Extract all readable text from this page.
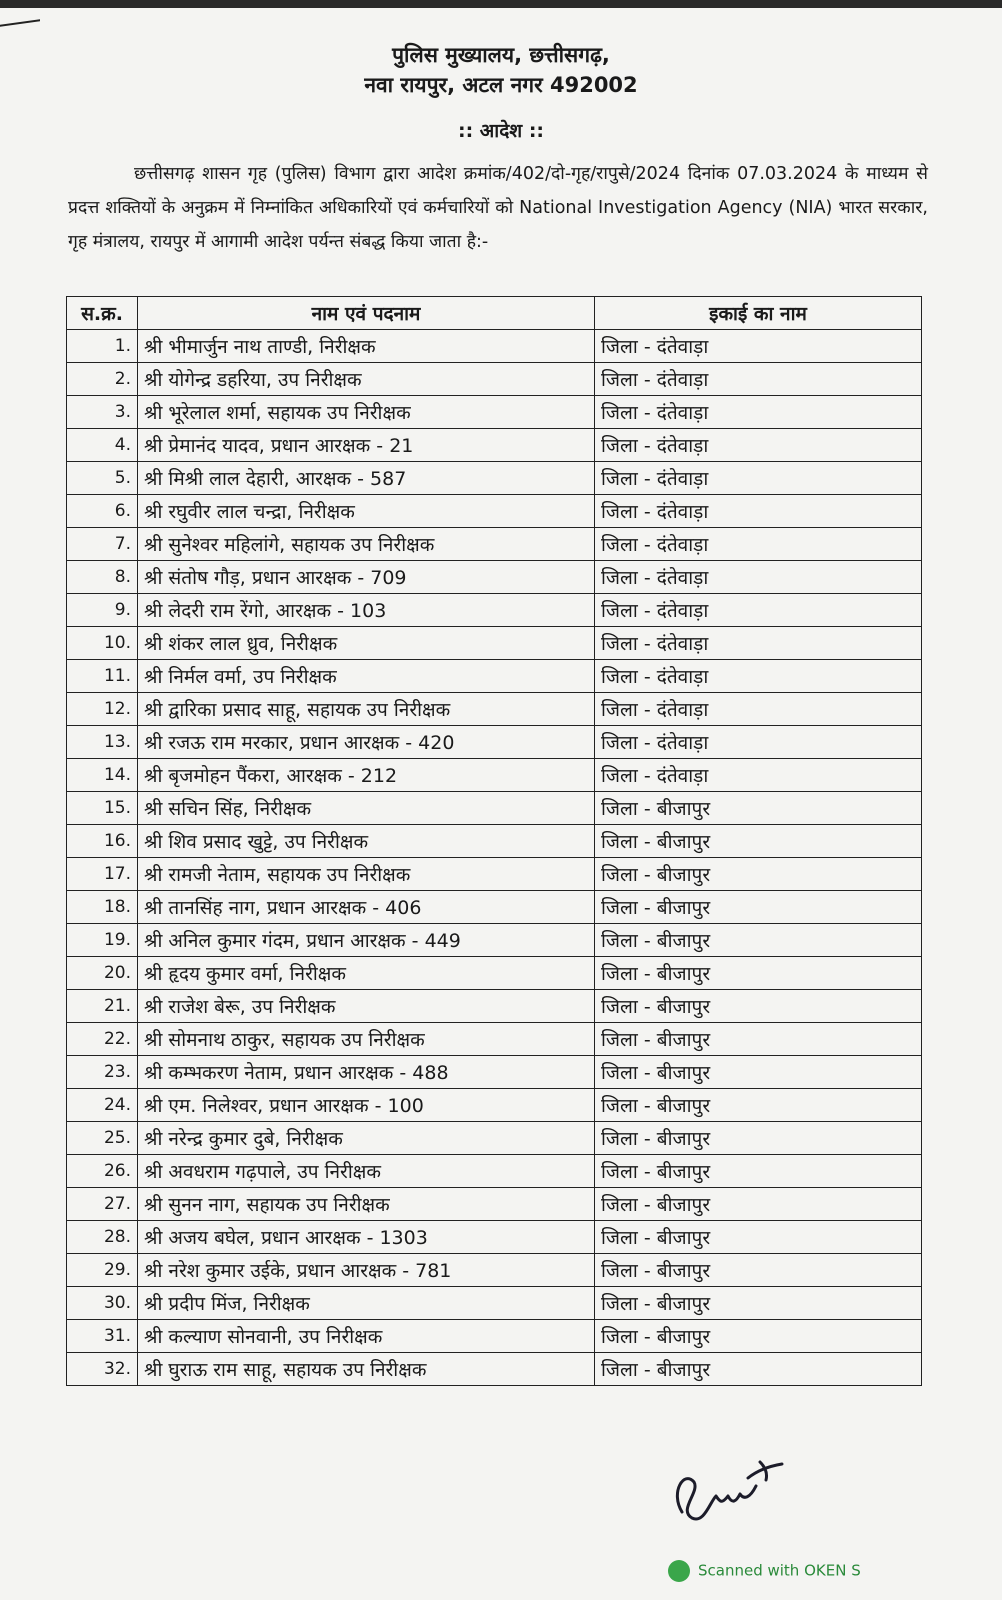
पुलिस मुख्यालय, छत्तीसगढ़,
नवा रायपुर, अटल नगर 492002
:: आदेश ::
छत्तीसगढ़ शासन गृह (पुलिस) विभाग द्वारा आदेश क्रमांक/402/दो-गृह/रापुसे/2024 दिनांक 07.03.2024 के माध्यम से प्रदत्त शक्तियों के अनुक्रम में निम्नांकित अधिकारियों एवं कर्मचारियों को National Investigation Agency (NIA) भारत सरकार, गृह मंत्रालय, रायपुर में आगामी आदेश पर्यन्त संबद्ध किया जाता है:-
स.क्र.	नाम एवं पदनाम	इकाई का नाम
1.	श्री भीमार्जुन नाथ ताण्डी, निरीक्षक	जिला - दंतेवाड़ा
2.	श्री योगेन्द्र डहरिया, उप निरीक्षक	जिला - दंतेवाड़ा
3.	श्री भूरेलाल शर्मा, सहायक उप निरीक्षक	जिला - दंतेवाड़ा
4.	श्री प्रेमानंद यादव, प्रधान आरक्षक - 21	जिला - दंतेवाड़ा
5.	श्री मिश्री लाल देहारी, आरक्षक - 587	जिला - दंतेवाड़ा
6.	श्री रघुवीर लाल चन्द्रा, निरीक्षक	जिला - दंतेवाड़ा
7.	श्री सुनेश्वर महिलांगे, सहायक उप निरीक्षक	जिला - दंतेवाड़ा
8.	श्री संतोष गौड़, प्रधान आरक्षक - 709	जिला - दंतेवाड़ा
9.	श्री लेदरी राम रेंगो, आरक्षक - 103	जिला - दंतेवाड़ा
10.	श्री शंकर लाल ध्रुव, निरीक्षक	जिला - दंतेवाड़ा
11.	श्री निर्मल वर्मा, उप निरीक्षक	जिला - दंतेवाड़ा
12.	श्री द्वारिका प्रसाद साहू, सहायक उप निरीक्षक	जिला - दंतेवाड़ा
13.	श्री रजऊ राम मरकार, प्रधान आरक्षक - 420	जिला - दंतेवाड़ा
14.	श्री बृजमोहन पैंकरा, आरक्षक - 212	जिला - दंतेवाड़ा
15.	श्री सचिन सिंह, निरीक्षक	जिला - बीजापुर
16.	श्री शिव प्रसाद खुट्टे, उप निरीक्षक	जिला - बीजापुर
17.	श्री रामजी नेताम, सहायक उप निरीक्षक	जिला - बीजापुर
18.	श्री तानसिंह नाग, प्रधान आरक्षक - 406	जिला - बीजापुर
19.	श्री अनिल कुमार गंदम, प्रधान आरक्षक - 449	जिला - बीजापुर
20.	श्री हृदय कुमार वर्मा, निरीक्षक	जिला - बीजापुर
21.	श्री राजेश बेरू, उप निरीक्षक	जिला - बीजापुर
22.	श्री सोमनाथ ठाकुर, सहायक उप निरीक्षक	जिला - बीजापुर
23.	श्री कम्भकरण नेताम, प्रधान आरक्षक - 488	जिला - बीजापुर
24.	श्री एम. निलेश्वर, प्रधान आरक्षक - 100	जिला - बीजापुर
25.	श्री नरेन्द्र कुमार दुबे, निरीक्षक	जिला - बीजापुर
26.	श्री अवधराम गढ़पाले, उप निरीक्षक	जिला - बीजापुर
27.	श्री सुनन नाग, सहायक उप निरीक्षक	जिला - बीजापुर
28.	श्री अजय बघेल, प्रधान आरक्षक - 1303	जिला - बीजापुर
29.	श्री नरेश कुमार उईके, प्रधान आरक्षक - 781	जिला - बीजापुर
30.	श्री प्रदीप मिंज, निरीक्षक	जिला - बीजापुर
31.	श्री कल्याण सोनवानी, उप निरीक्षक	जिला - बीजापुर
32.	श्री घुराऊ राम साहू, सहायक उप निरीक्षक	जिला - बीजापुर
Scanned with OKEN S
